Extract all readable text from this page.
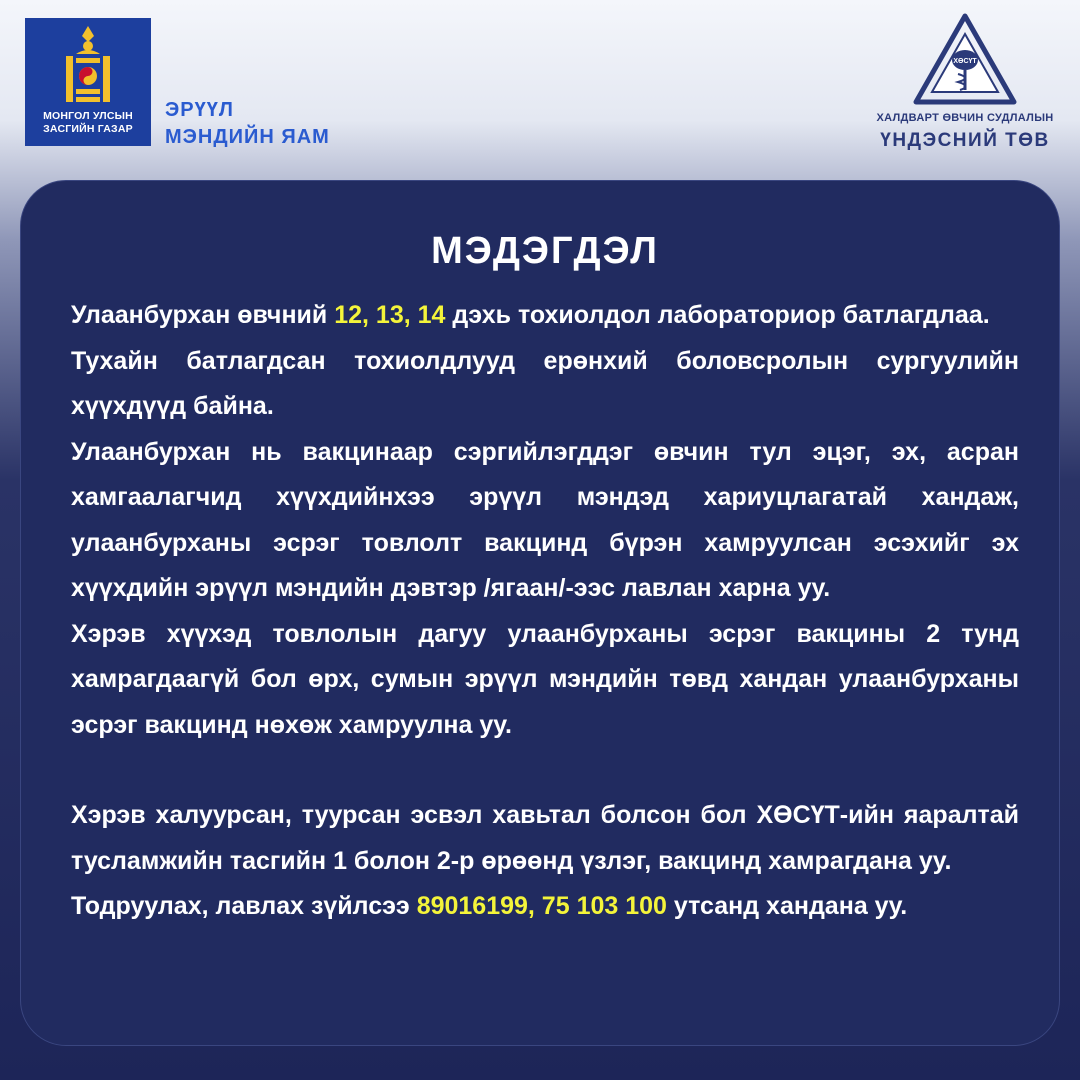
МОНГОЛ УЛСЫН
ЗАСГИЙН ГАЗАР
ЭРҮҮЛ
МЭНДИЙН ЯАМ
ХӨСҮТ
ХАЛДВАРТ ӨВЧИН СУДЛАЛЫН
ҮНДЭСНИЙ ТӨВ
МЭДЭГДЭЛ

Улаанбурхан өвчний 12, 13, 14 дэхь тохиолдол лабораториор батлагдлаа.

Тухайн батлагдсан тохиолдлууд ерөнхий боловсролын сургуулийн хүүхдүүд байна.

Улаанбурхан нь вакцинаар сэргийлэгддэг өвчин тул эцэг, эх, асран хамгаалагчид хүүхдийнхээ эрүүл мэндэд хариуцлагатай хандаж, улаанбурханы эсрэг товлолт вакцинд бүрэн хамруулсан эсэхийг эх хүүхдийн эрүүл мэндийн дэвтэр /ягаан/-ээс лавлан харна уу.

Хэрэв хүүхэд товлолын дагуу улаанбурханы эсрэг вакцины 2 тунд хамрагдаагүй бол өрх, сумын эрүүл мэндийн төвд хандан улаанбурханы эсрэг вакцинд нөхөж хамруулна уу.

Хэрэв халуурсан, туурсан эсвэл хавьтал болсон бол ХӨСҮТ-ийн яаралтай тусламжийн тасгийн 1 болон 2-р өрөөнд үзлэг, вакцинд хамрагдана уу.

Тодруулах, лавлах зүйлсээ 89016199, 75 103 100 утсанд хандана уу.
